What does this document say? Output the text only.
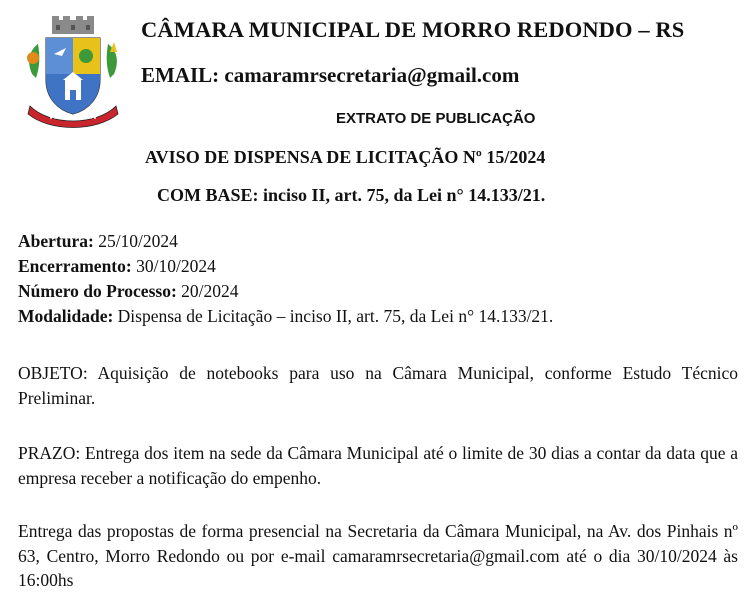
CÂMARA MUNICIPAL DE MORRO REDONDO – RS
EMAIL: camaramrsecretaria@gmail.com
EXTRATO DE PUBLICAÇÃO
AVISO DE DISPENSA DE LICITAÇÃO Nº 15/2024
COM BASE: inciso II, art. 75, da Lei n° 14.133/21.
Abertura: 25/10/2024
Encerramento: 30/10/2024
Número do Processo: 20/2024
Modalidade: Dispensa de Licitação – inciso II, art. 75, da Lei n° 14.133/21.
OBJETO: Aquisição de notebooks para uso na Câmara Municipal, conforme Estudo Técnico Preliminar.
PRAZO: Entrega dos item na sede da Câmara Municipal até o limite de 30 dias a contar da data que a empresa receber a notificação do empenho.
Entrega das propostas de forma presencial na Secretaria da Câmara Municipal, na Av. dos Pinhais nº 63, Centro, Morro Redondo ou por e-mail camaramrsecretaria@gmail.com até o dia 30/10/2024 às 16:00hs
